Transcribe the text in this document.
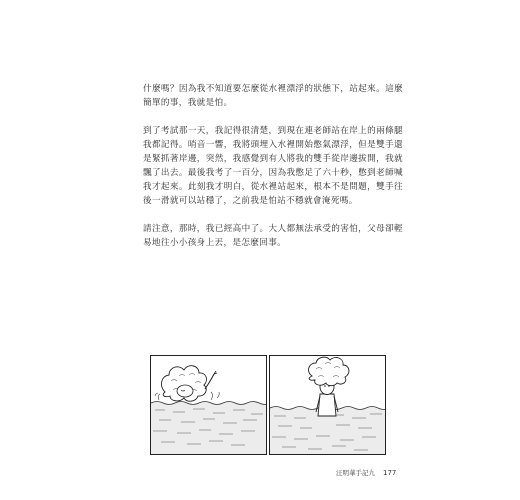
什麼嗎？因為我不知道要怎麼從水裡漂浮的狀態下，站起來。這麼簡單的事，我就是怕。

到了考試那一天，我記得很清楚，到現在連老師站在岸上的兩條腿我都記得。哨音一響，我將頭埋入水裡開始憋氣漂浮，但是雙手還是緊抓著岸邊，突然，我感覺到有人將我的雙手從岸邊拔開，我就飄了出去。最後我考了一百分，因為我憋足了六十秒，憋到老師喊我才起來。此刻我才明白，從水裡站起來，根本不是問題，雙手往後一滑就可以站穩了，之前我是怕站不穩就會淹死嗎。

請注意，那時，我已經高中了。大人都無法承受的害怕，父母卻輕易地往小小孩身上丟，是怎麼回事。

汪明華手記九 177
